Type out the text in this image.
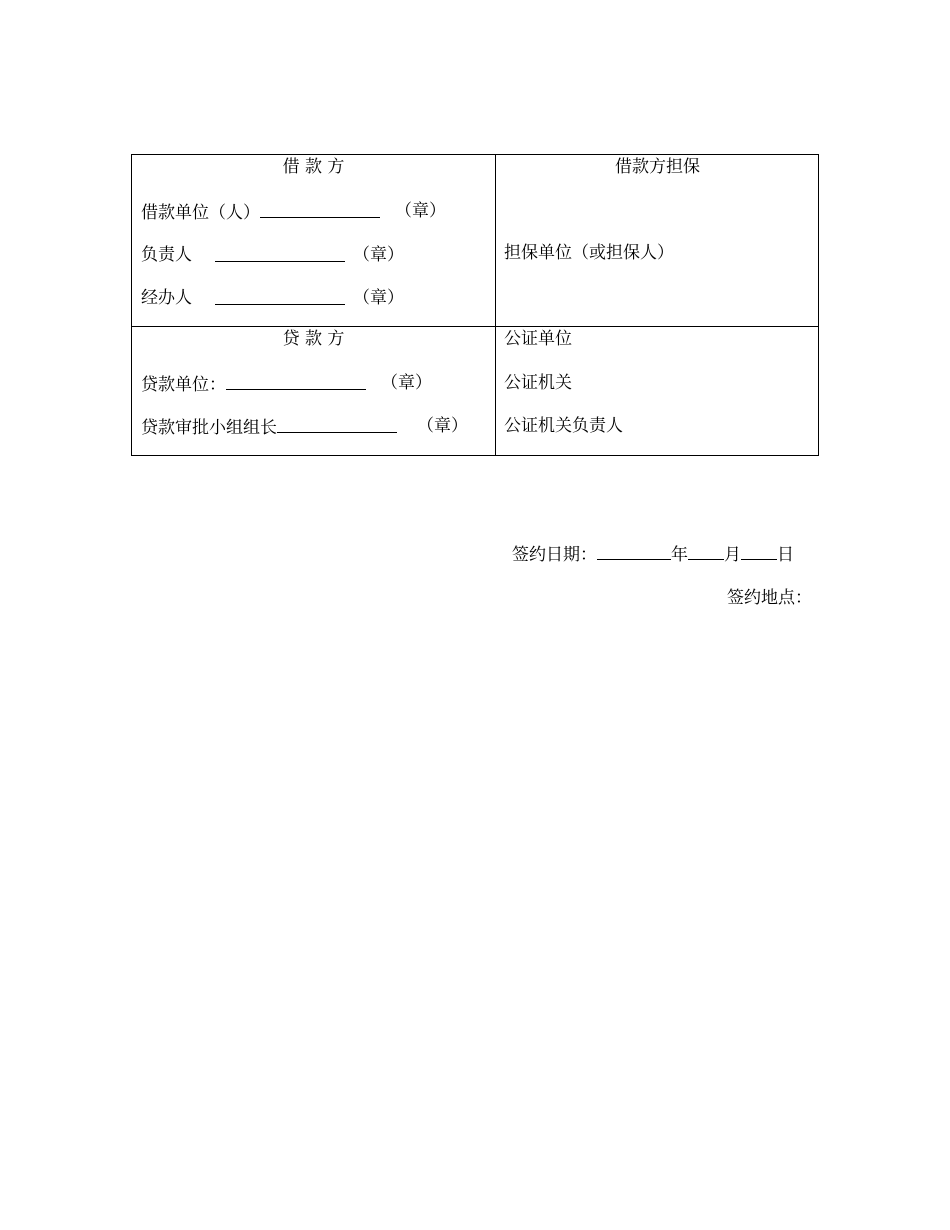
借 款 方
借款单位（人）	（章）
负责人	（章）
经办人	（章）
借款方担保
担保单位（或担保人）
贷 款 方
贷款单位：	（章）
贷款审批小组组长	（章）
公证单位
公证机关
公证机关负责人
签约日期：	年 月 日
签约地点：
